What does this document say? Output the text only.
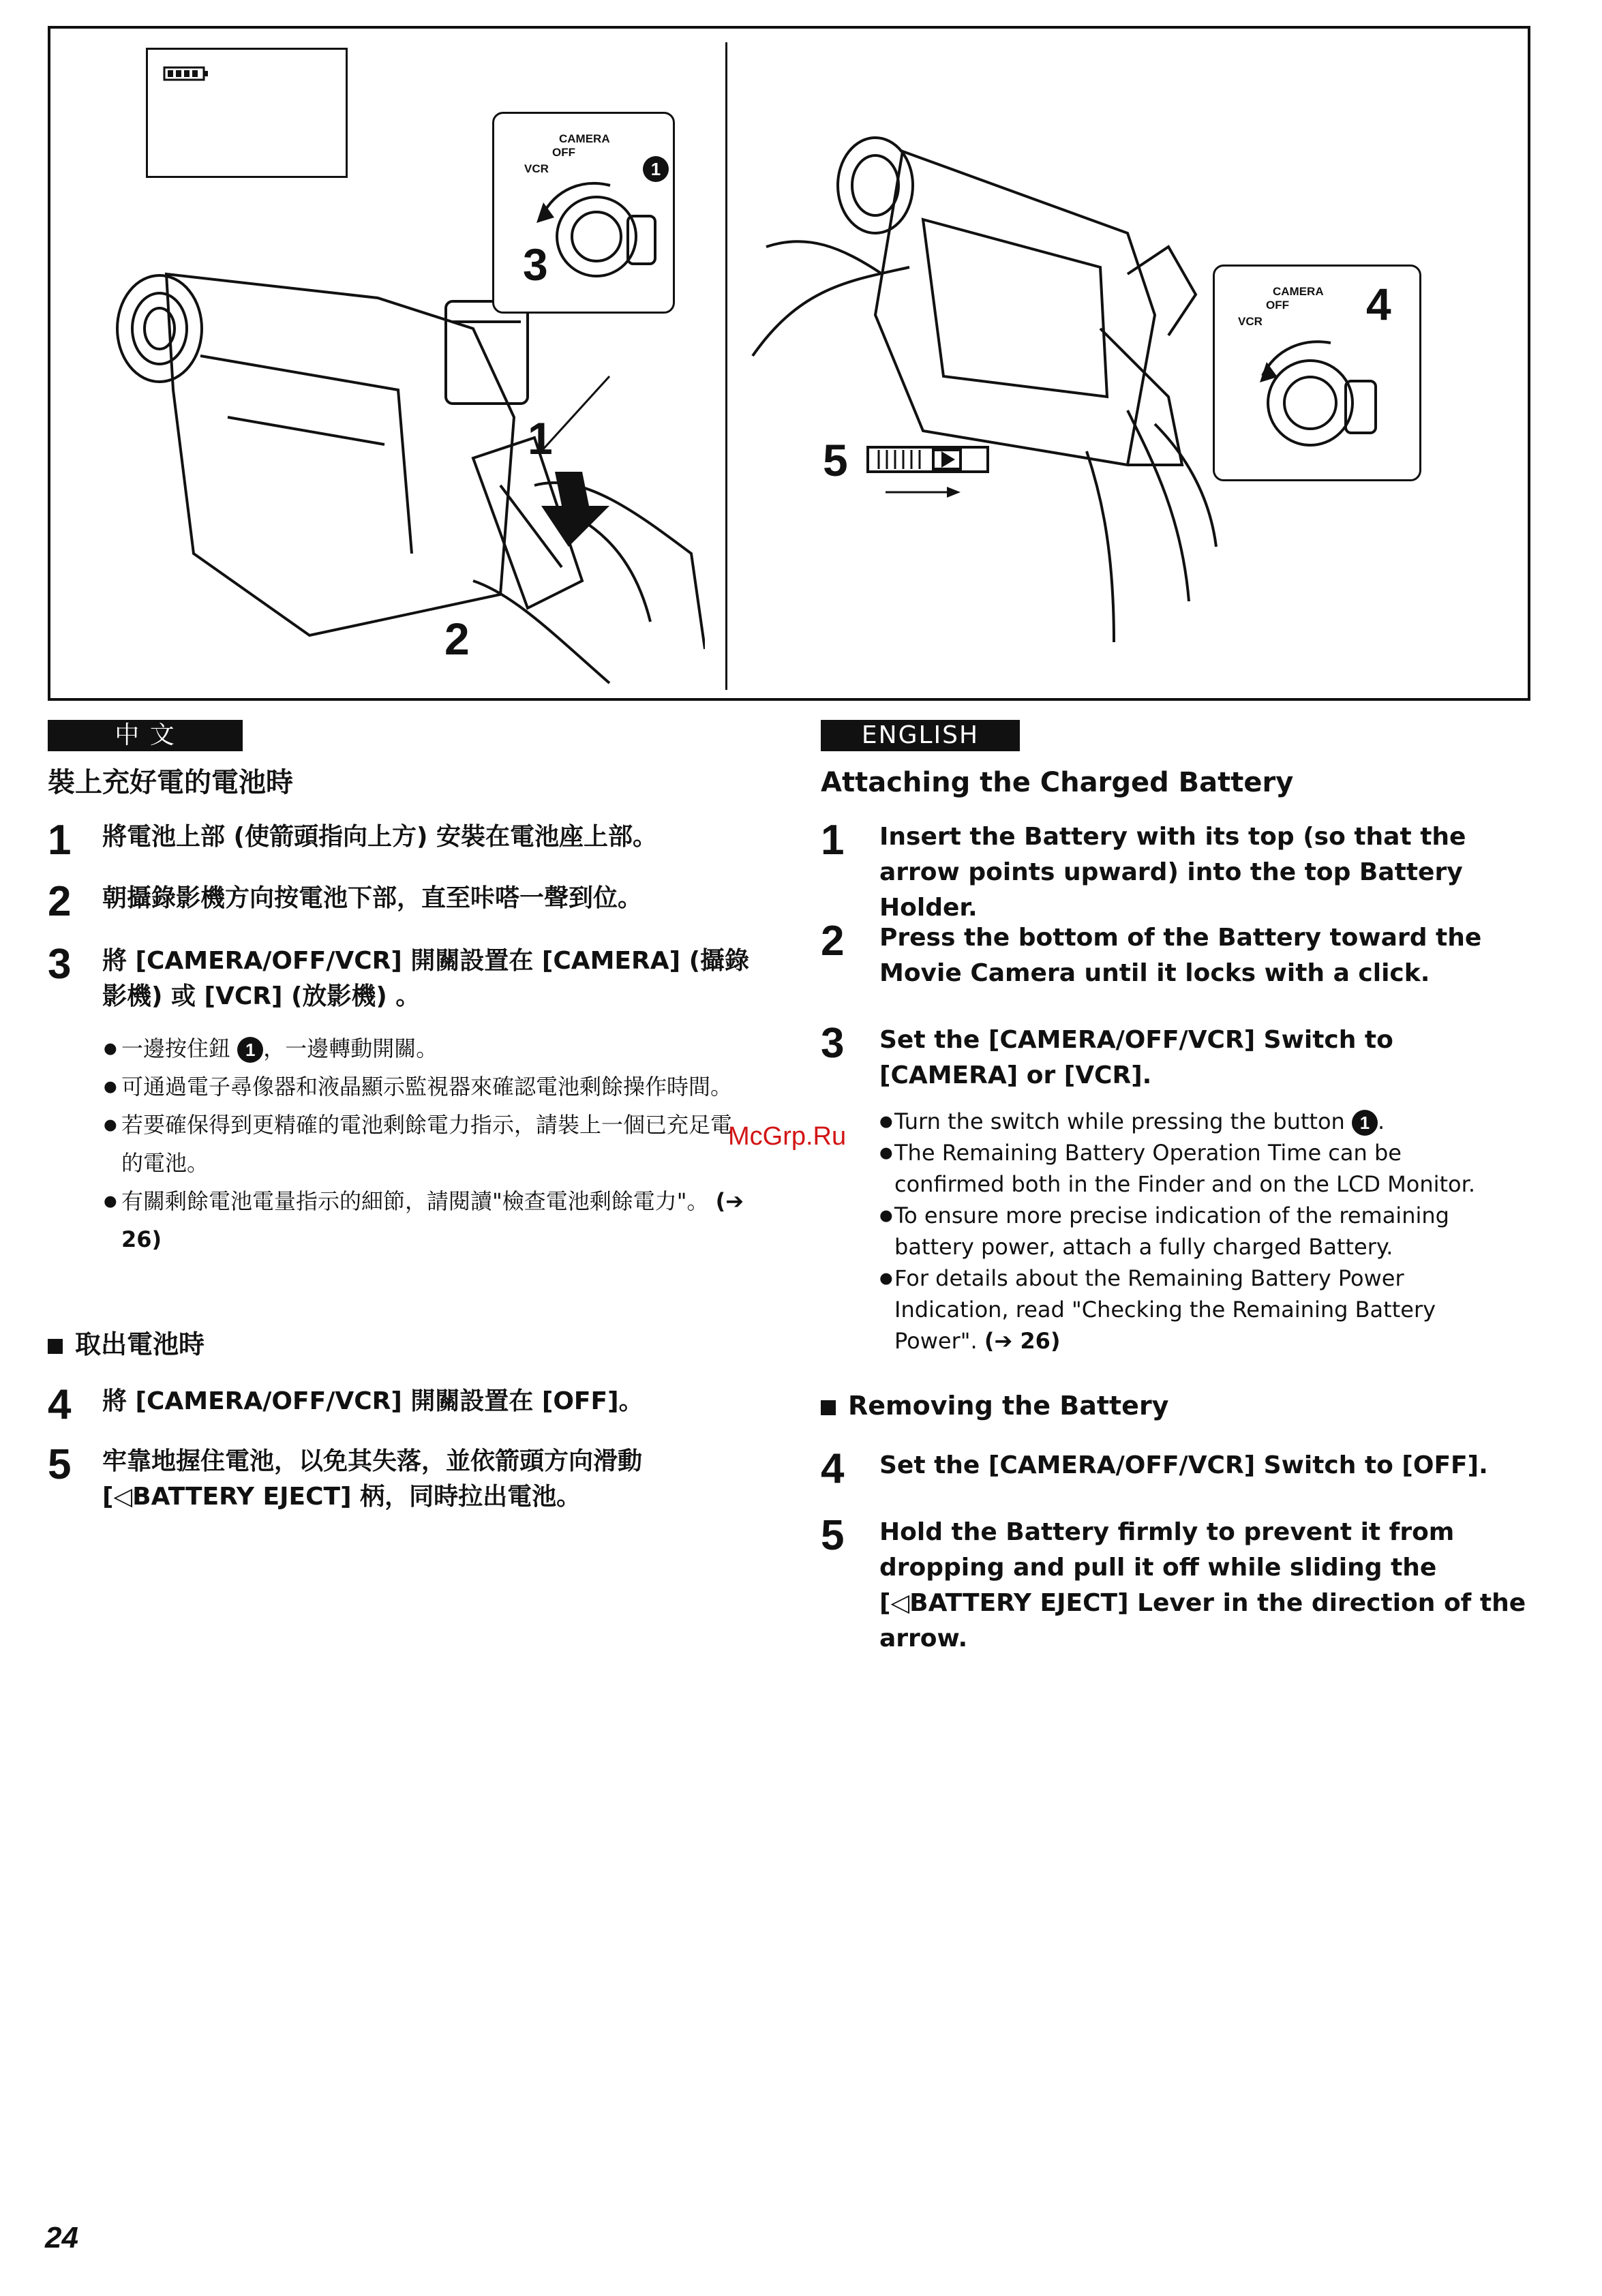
CAMERA
OFF
VCR	1
3
1
2
CAMERA
OFF
VCR 4
5
中 文
裝上充好電的電池時
1 將電池上部 (使箭頭指向上方) 安裝在電池座上部。
2 朝攝錄影機方向按電池下部，直至咔嗒一聲到位。
3 將 [CAMERA/OFF/VCR] 開關設置在 [CAMERA] (攝錄影機) 或 [VCR] (放影機) 。
● 一邊按住鈕 1 ，一邊轉動開關。
● 可通過電子尋像器和液晶顯示監視器來確認電池剩餘操作時間。
● 若要確保得到更精確的電池剩餘電力指示，請裝上一個已充足電的電池。
● 有關剩餘電池電量指示的細節，請閱讀"檢查電池剩餘電力"。 (➔ 26)
取出電池時
4 將 [CAMERA/OFF/VCR] 開關設置在 [OFF]。
5 牢靠地握住電池，以免其失落，並依箭頭方向滑動 [◁BATTERY EJECT] 柄，同時拉出電池。
McGrp.Ru
ENGLISH
Attaching the Charged Battery
1 Insert the Battery with its top (so that the arrow points upward) into the top Battery Holder.
2 Press the bottom of the Battery toward the Movie Camera until it locks with a click.
3 Set the [CAMERA/OFF/VCR] Switch to [CAMERA] or [VCR].
● Turn the switch while pressing the button 1 .
● The Remaining Battery Operation Time can be confirmed both in the Finder and on the LCD Monitor.
● To ensure more precise indication of the remaining battery power, attach a fully charged Battery.
● For details about the Remaining Battery Power Indication, read "Checking the Remaining Battery Power". (➔ 26)
Removing the Battery
4 Set the [CAMERA/OFF/VCR] Switch to [OFF].
5 Hold the Battery firmly to prevent it from dropping and pull it off while sliding the [◁BATTERY EJECT] Lever in the direction of the arrow.
24
